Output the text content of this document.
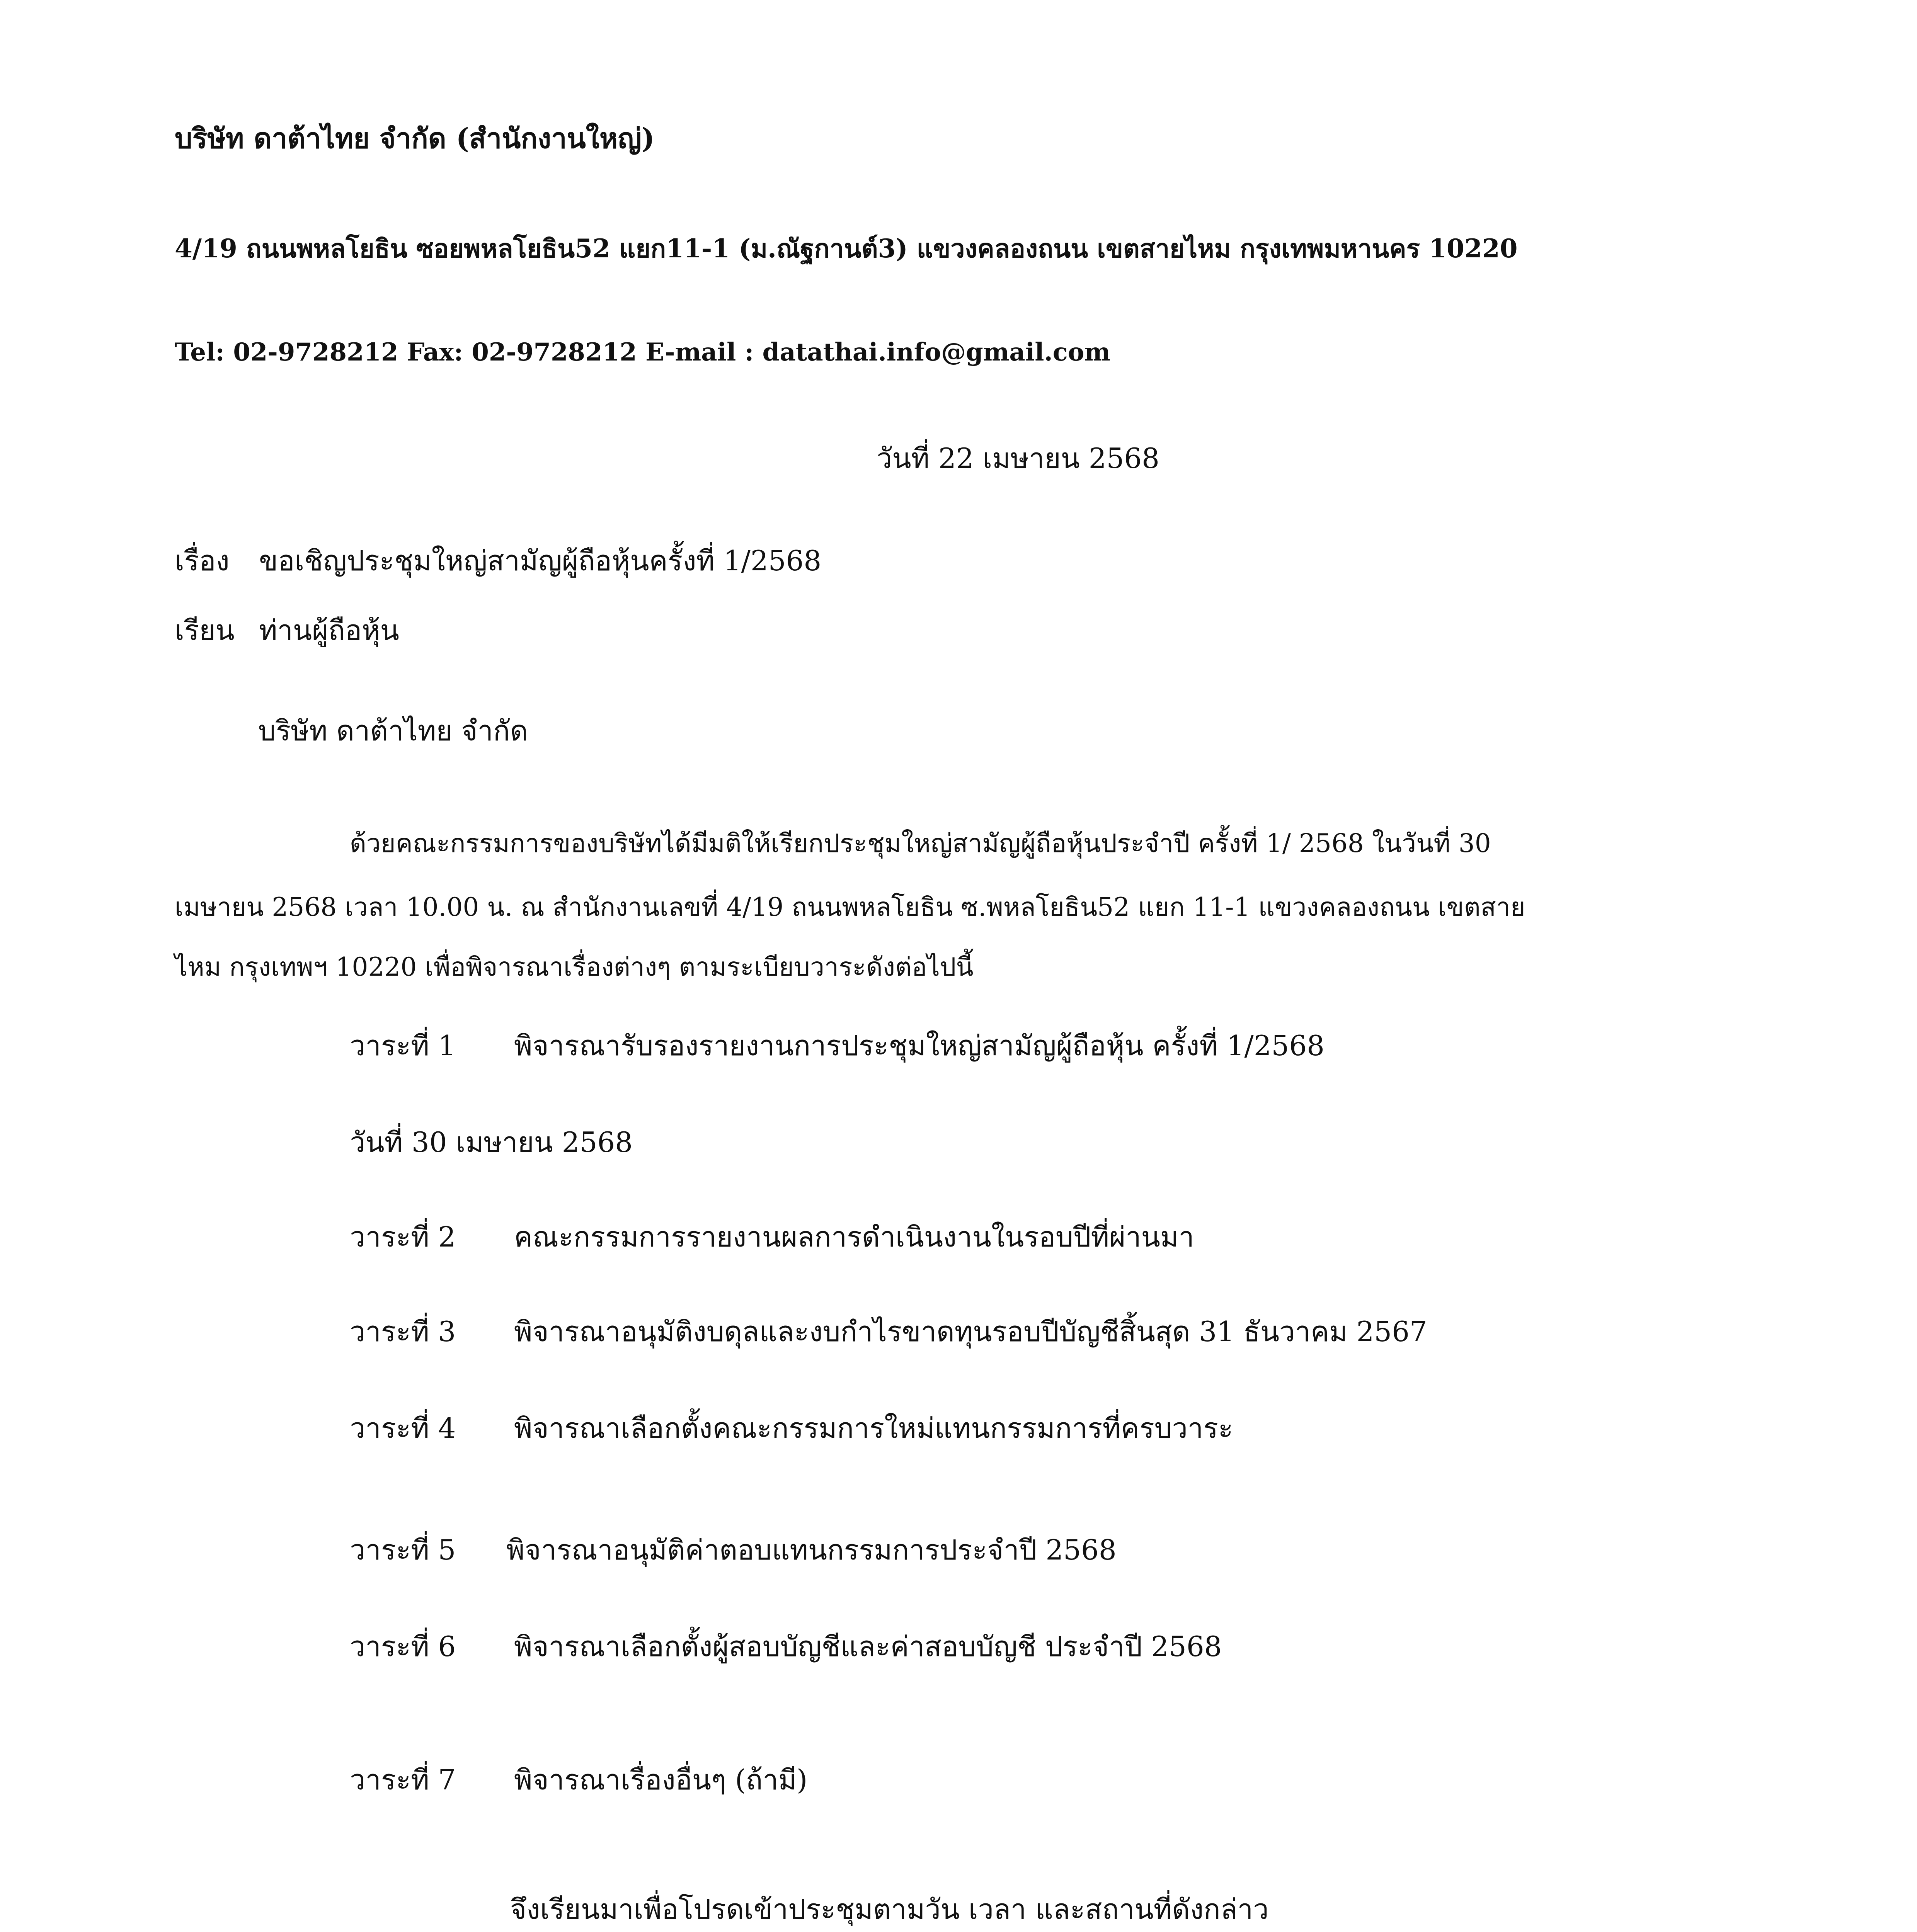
บริษัท ดาต้าไทย จำกัด (สำนักงานใหญ่)
4/19 ถนนพหลโยธิน ซอยพหลโยธิน52 แยก11-1 (ม.ณัฐกานต์3) แขวงคลองถนน เขตสายไหม กรุงเทพมหานคร 10220
Tel: 02-9728212 Fax: 02-9728212 E-mail : datathai.info@gmail.com
วันที่ 22 เมษายน 2568
เรื่อง ขอเชิญประชุมใหญ่สามัญผู้ถือหุ้นครั้งที่ 1/2568
เรียน ท่านผู้ถือหุ้น
บริษัท ดาต้าไทย จำกัด
ด้วยคณะกรรมการของบริษัทได้มีมติให้เรียกประชุมใหญ่สามัญผู้ถือหุ้นประจำปี ครั้งที่ 1/ 2568 ในวันที่ 30
เมษายน 2568 เวลา 10.00 น. ณ สำนักงานเลขที่ 4/19 ถนนพหลโยธิน ซ.พหลโยธิน52 แยก 11-1 แขวงคลองถนน เขตสาย
ไหม กรุงเทพฯ 10220 เพื่อพิจารณาเรื่องต่างๆ ตามระเบียบวาระดังต่อไปนี้
วาระที่ 1 พิจารณารับรองรายงานการประชุมใหญ่สามัญผู้ถือหุ้น ครั้งที่ 1/2568
วันที่ 30 เมษายน 2568
วาระที่ 2 คณะกรรมการรายงานผลการดำเนินงานในรอบปีที่ผ่านมา
วาระที่ 3 พิจารณาอนุมัติงบดุลและงบกำไรขาดทุนรอบปีบัญชีสิ้นสุด 31 ธันวาคม 2567
วาระที่ 4 พิจารณาเลือกตั้งคณะกรรมการใหม่แทนกรรมการที่ครบวาระ
วาระที่ 5 พิจารณาอนุมัติค่าตอบแทนกรรมการประจำปี 2568
วาระที่ 6 พิจารณาเลือกตั้งผู้สอบบัญชีและค่าสอบบัญชี ประจำปี 2568
วาระที่ 7 พิจารณาเรื่องอื่นๆ (ถ้ามี)
จึงเรียนมาเพื่อโปรดเข้าประชุมตามวัน เวลา และสถานที่ดังกล่าว
